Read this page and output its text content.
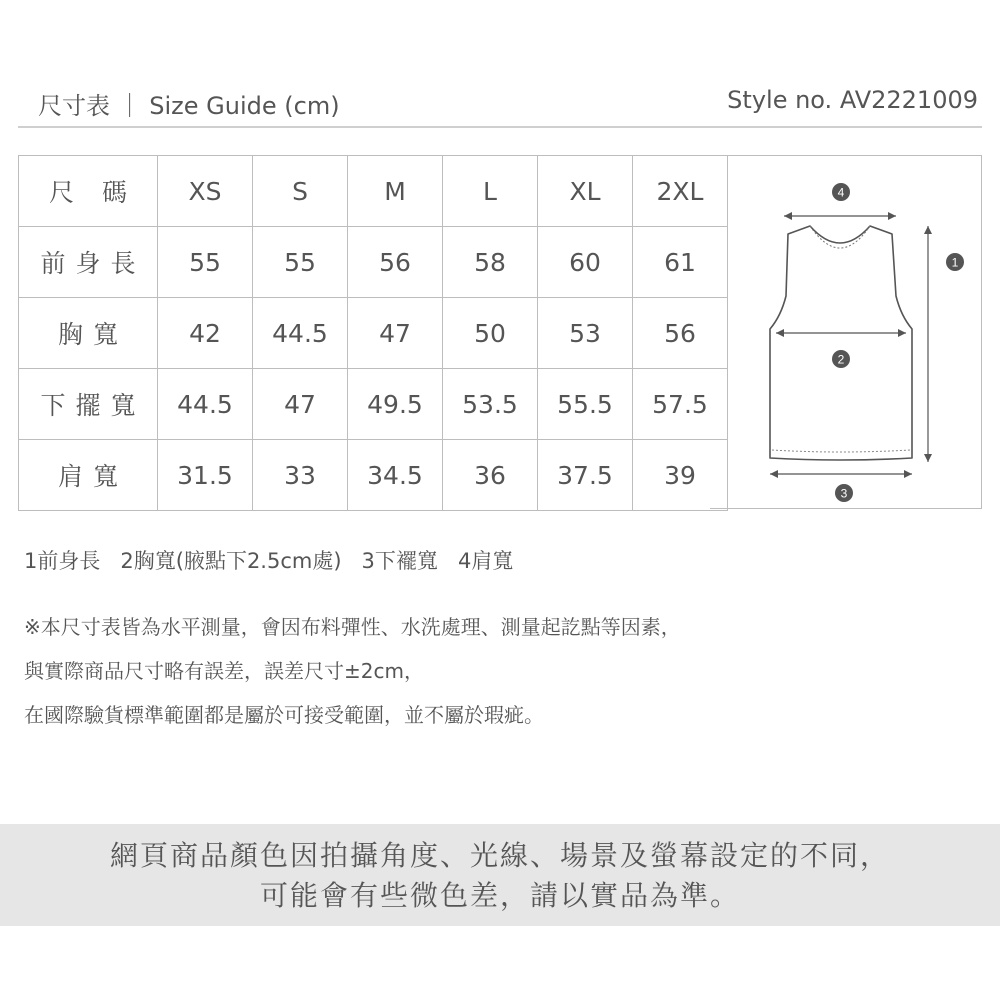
尺寸表 ｜ Size Guide (cm)	Style no. AV2221009
尺 碼	XS	S	M	L	XL	2XL
前身長	55	55	56	58	60	61
胸寬	42	44.5	47	50	53	56
下擺寬	44.5	47	49.5	53.5	55.5	57.5
肩寬	31.5	33	34.5	36	37.5	39
4
1
2
3
1前身長   2胸寬(腋點下2.5cm處)   3下襬寬   4肩寬
※本尺寸表皆為水平測量，會因布料彈性、水洗處理、測量起訖點等因素，
與實際商品尺寸略有誤差，誤差尺寸±2cm，
在國際驗貨標準範圍都是屬於可接受範圍，並不屬於瑕疵。
網頁商品顏色因拍攝角度、光線、場景及螢幕設定的不同，
可能會有些微色差，請以實品為準。
